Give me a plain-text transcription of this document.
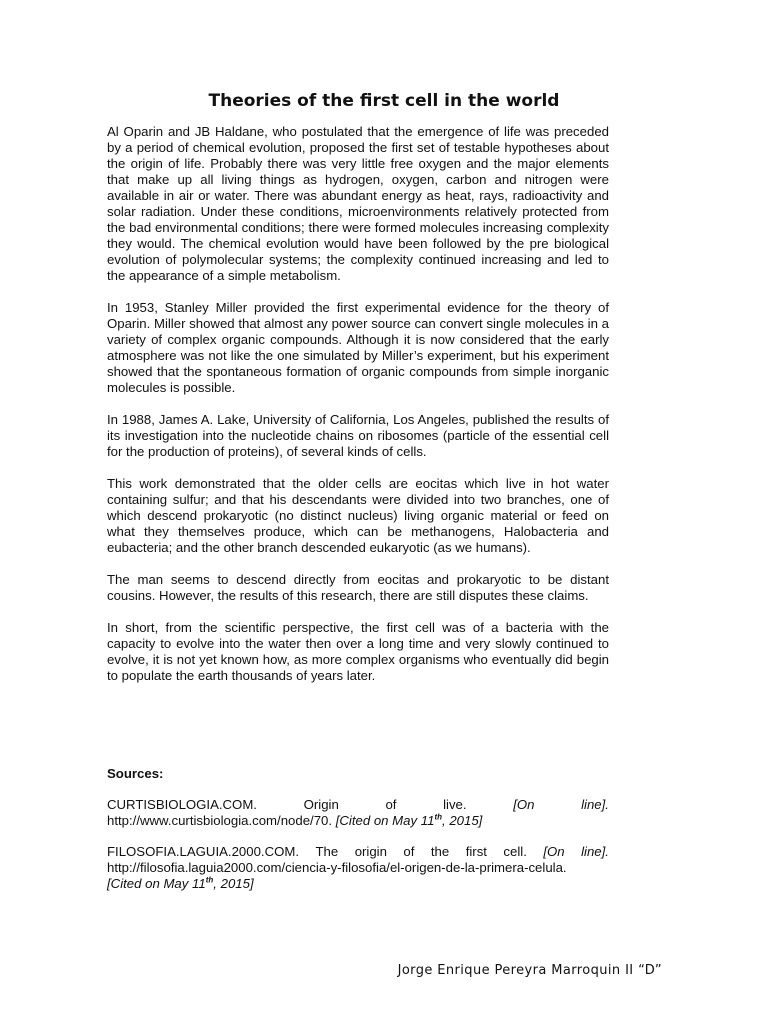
Theories of the first cell in the world

Al Oparin and JB Haldane, who postulated that the emergence of life was preceded by a period of chemical evolution, proposed the first set of testable hypotheses about the origin of life. Probably there was very little free oxygen and the major elements that make up all living things as hydrogen, oxygen, carbon and nitrogen were available in air or water. There was abundant energy as heat, rays, radioactivity and solar radiation. Under these conditions, microenvironments relatively protected from the bad environmental conditions; there were formed molecules increasing complexity they would. The chemical evolution would have been followed by the pre biological evolution of polymolecular systems; the complexity continued increasing and led to the appearance of a simple metabolism.

In 1953, Stanley Miller provided the first experimental evidence for the theory of Oparin. Miller showed that almost any power source can convert single molecules in a variety of complex organic compounds. Although it is now considered that the early atmosphere was not like the one simulated by Miller’s experiment, but his experiment showed that the spontaneous formation of organic compounds from simple inorganic molecules is possible.

In 1988, James A. Lake, University of California, Los Angeles, published the results of its investigation into the nucleotide chains on ribosomes (particle of the essential cell for the production of proteins), of several kinds of cells.

This work demonstrated that the older cells are eocitas which live in hot water containing sulfur; and that his descendants were divided into two branches, one of which descend prokaryotic (no distinct nucleus) living organic material or feed on what they themselves produce, which can be methanogens, Halobacteria and eubacteria; and the other branch descended eukaryotic (as we humans).

The man seems to descend directly from eocitas and prokaryotic to be distant cousins. However, the results of this research, there are still disputes these claims.

In short, from the scientific perspective, the first cell was of a bacteria with the capacity to evolve into the water then over a long time and very slowly continued to evolve, it is not yet known how, as more complex organisms who eventually did begin to populate the earth thousands of years later.

Sources:

CURTISBIOLOGIA.COM.	Origin	of	live.	[On	line].
http://www.curtisbiologia.com/node/70. [Cited on May 11th, 2015]
FILOSOFIA.LAGUIA.2000.COM. The origin of the first cell. [On line].
http://filosofia.laguia2000.com/ciencia-y-filosofia/el-origen-de-la-primera-celula.
[Cited on May 11th, 2015]
Jorge Enrique Pereyra Marroquin II “D”
